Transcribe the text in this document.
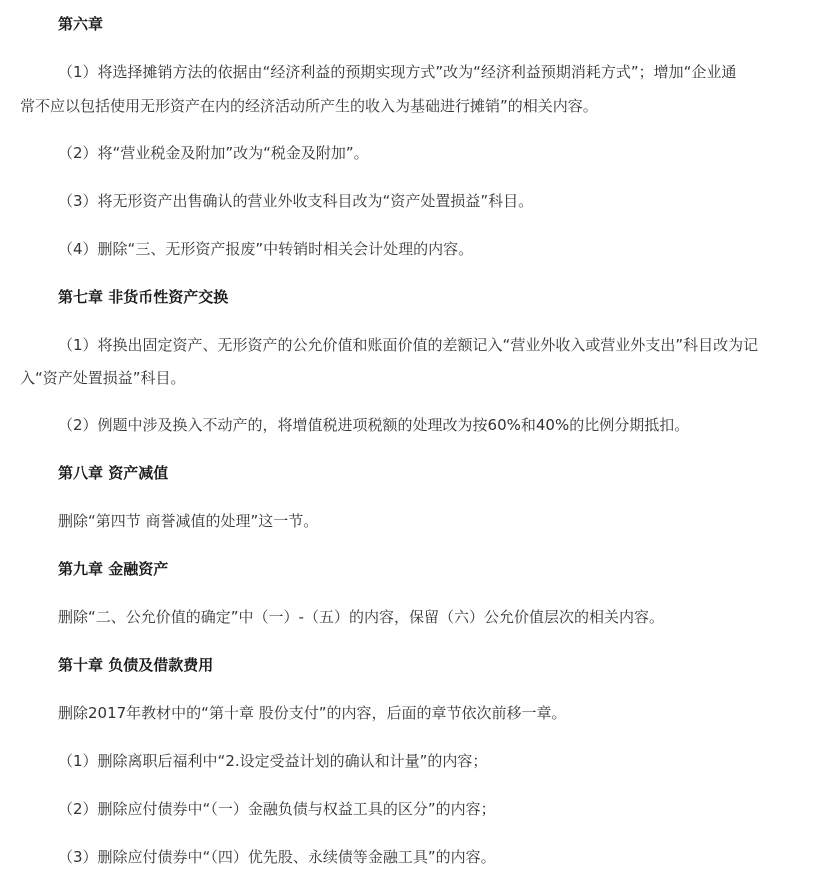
第六章
（1）将选择摊销方法的依据由“经济利益的预期实现方式”改为“经济利益预期消耗方式”；增加“企业通
常不应以包括使用无形资产在内的经济活动所产生的收入为基础进行摊销”的相关内容。
（2）将“营业税金及附加”改为“税金及附加”。
（3）将无形资产出售确认的营业外收支科目改为“资产处置损益”科目。
（4）删除“三、无形资产报废”中转销时相关会计处理的内容。
第七章 非货币性资产交换
（1）将换出固定资产、无形资产的公允价值和账面价值的差额记入“营业外收入或营业外支出”科目改为记
入“资产处置损益”科目。
（2）例题中涉及换入不动产的，将增值税进项税额的处理改为按60%和40%的比例分期抵扣。
第八章 资产减值
删除“第四节 商誉减值的处理”这一节。
第九章 金融资产
删除“二、公允价值的确定”中（一）-（五）的内容，保留（六）公允价值层次的相关内容。
第十章 负债及借款费用
删除2017年教材中的“第十章 股份支付”的内容，后面的章节依次前移一章。
（1）删除离职后福利中“2.设定受益计划的确认和计量”的内容；
（2）删除应付债券中“（一）金融负债与权益工具的区分”的内容；
（3）删除应付债券中“（四）优先股、永续债等金融工具”的内容。
